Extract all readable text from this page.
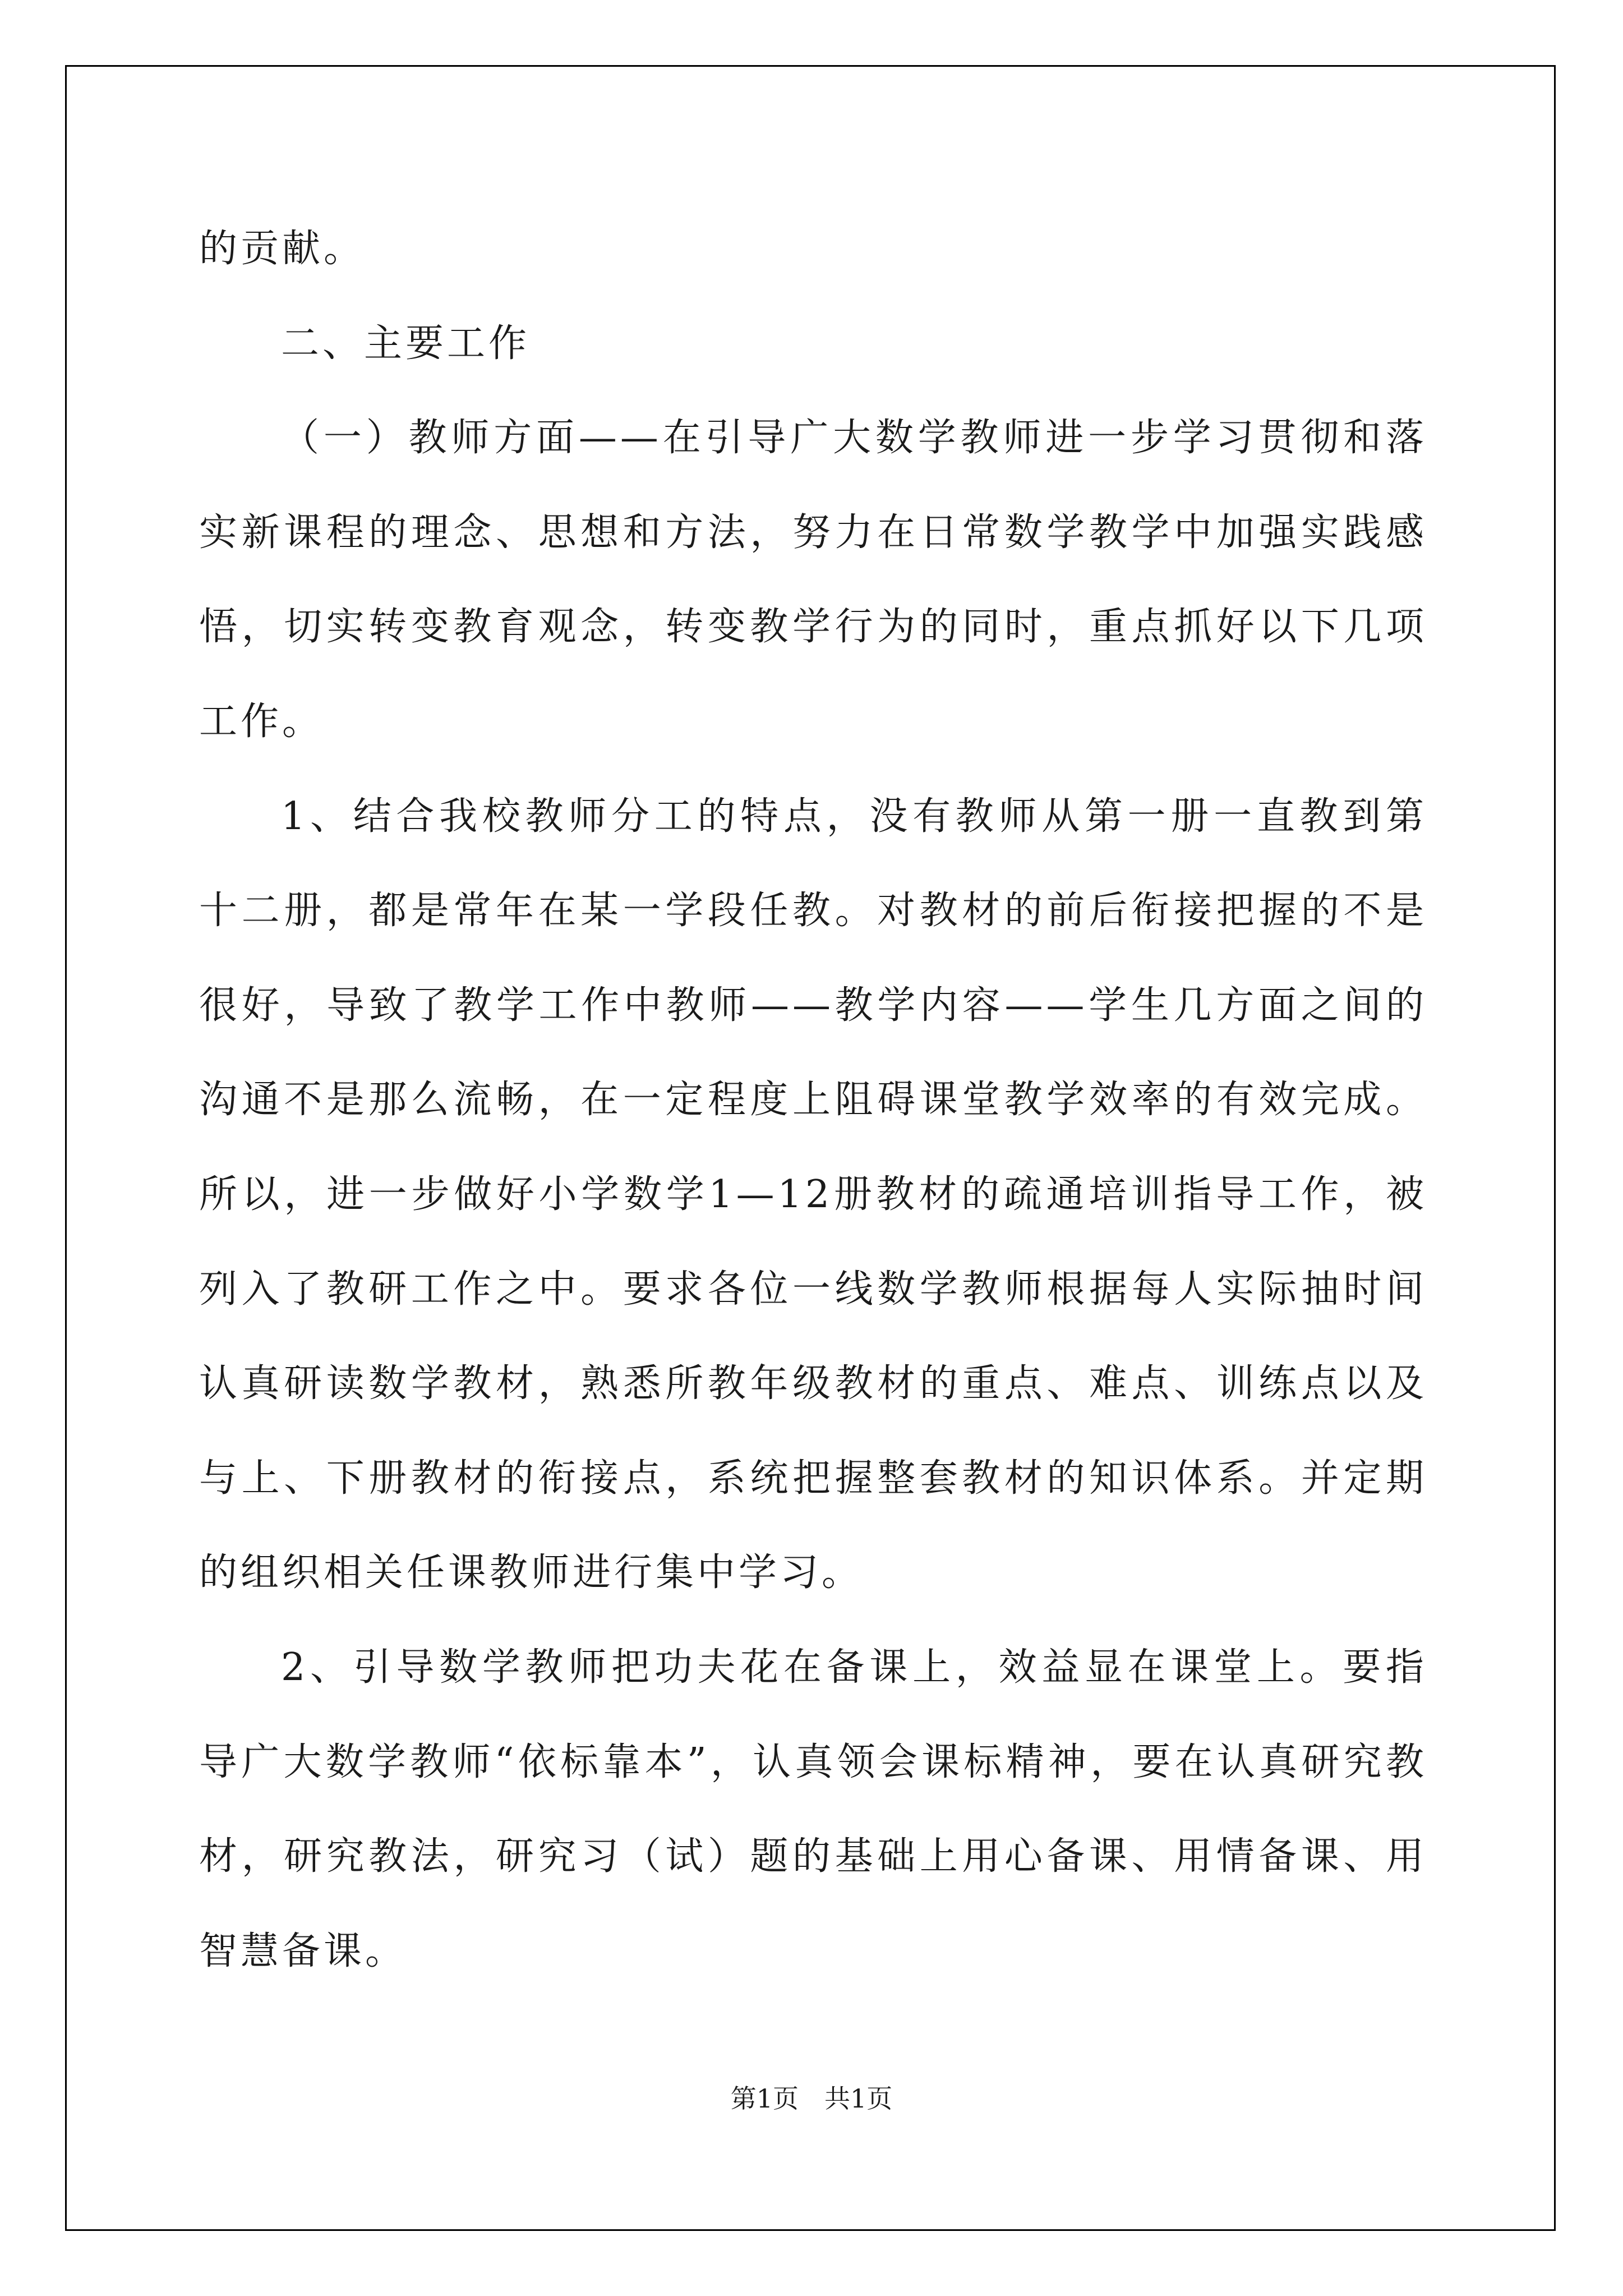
的贡献。

二、主要工作

（一）教师方面——在引导广大数学教师进一步学习贯彻和落实新课程的理念、思想和方法，努力在日常数学教学中加强实践感悟，切实转变教育观念，转变教学行为的同时，重点抓好以下几项工作。

1、结合我校教师分工的特点，没有教师从第一册一直教到第十二册，都是常年在某一学段任教。对教材的前后衔接把握的不是很好，导致了教学工作中教师——教学内容——学生几方面之间的沟通不是那么流畅，在一定程度上阻碍课堂教学效率的有效完成。所以，进一步做好小学数学1—12册教材的疏通培训指导工作，被列入了教研工作之中。要求各位一线数学教师根据每人实际抽时间认真研读数学教材，熟悉所教年级教材的重点、难点、训练点以及与上、下册教材的衔接点，系统把握整套教材的知识体系。并定期的组织相关任课教师进行集中学习。

2、引导数学教师把功夫花在备课上，效益显在课堂上。要指导广大数学教师“依标靠本”，认真领会课标精神，要在认真研究教材，研究教法，研究习（试）题的基础上用心备课、用情备课、用智慧备课。

第1页　共1页
